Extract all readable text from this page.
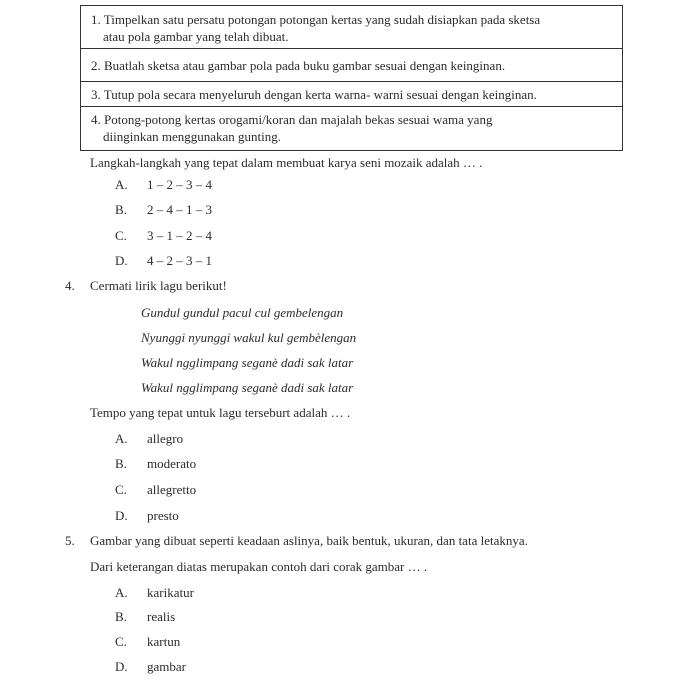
1. Timpelkan satu persatu potongan potongan kertas yang sudah disiapkan pada sketsa
atau pola gambar yang telah dibuat.
2. Buatlah sketsa atau gambar pola pada buku gambar sesuai dengan keinginan.
3. Tutup pola secara menyeluruh dengan kerta warna- warni sesuai dengan keinginan.
4. Potong-potong kertas orogami/koran dan majalah bekas sesuai wama yang
diinginkan menggunakan gunting.
Langkah-langkah yang tepat dalam membuat karya seni mozaik adalah … .
A. 1 – 2 – 3 – 4
B. 2 – 4 – 1 – 3
C. 3 – 1 – 2 – 4
D. 4 – 2 – 3 – 1
4. Cermati lirik lagu berikut!
Gundul gundul pacul cul gembelengan
Nyunggi nyunggi wakul kul gembèlengan
Wakul ngglimpang seganè dadi sak latar
Wakul ngglimpang seganè dadi sak latar
Tempo yang tepat untuk lagu terseburt adalah … .
A. allegro
B. moderato
C. allegretto
D. presto
5. Gambar yang dibuat seperti keadaan aslinya, baik bentuk, ukuran, dan tata letaknya.
Dari keterangan diatas merupakan contoh dari corak gambar … .
A. karikatur
B. realis
C. kartun
D. gambar
